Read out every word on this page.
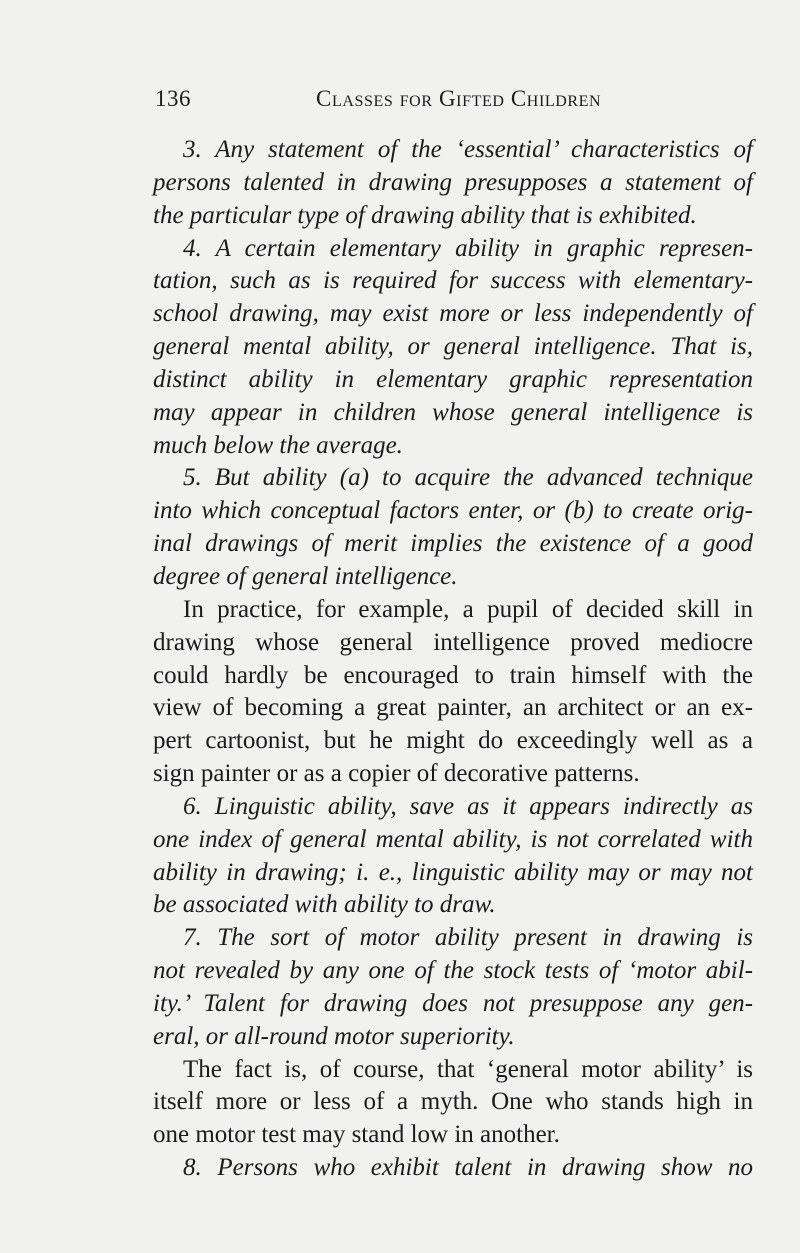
136	Classes for Gifted Children
3. Any statement of the ‘essential’ characteristics of
persons talented in drawing presupposes a statement of
the particular type of drawing ability that is exhibited.
4. A certain elementary ability in graphic represen-
tation, such as is required for success with elementary-
school drawing, may exist more or less independently of
general mental ability, or general intelligence. That is,
distinct ability in elementary graphic representation
may appear in children whose general intelligence is
much below the average.
5. But ability (a) to acquire the advanced technique
into which conceptual factors enter, or (b) to create orig-
inal drawings of merit implies the existence of a good
degree of general intelligence.
In practice, for example, a pupil of decided skill in
drawing whose general intelligence proved mediocre
could hardly be encouraged to train himself with the
view of becoming a great painter, an architect or an ex-
pert cartoonist, but he might do exceedingly well as a
sign painter or as a copier of decorative patterns.
6. Linguistic ability, save as it appears indirectly as
one index of general mental ability, is not correlated with
ability in drawing; i. e., linguistic ability may or may not
be associated with ability to draw.
7. The sort of motor ability present in drawing is
not revealed by any one of the stock tests of ‘motor abil-
ity.’ Talent for drawing does not presuppose any gen-
eral, or all-round motor superiority.
The fact is, of course, that ‘general motor ability’ is
itself more or less of a myth. One who stands high in
one motor test may stand low in another.
8. Persons who exhibit talent in drawing show no
